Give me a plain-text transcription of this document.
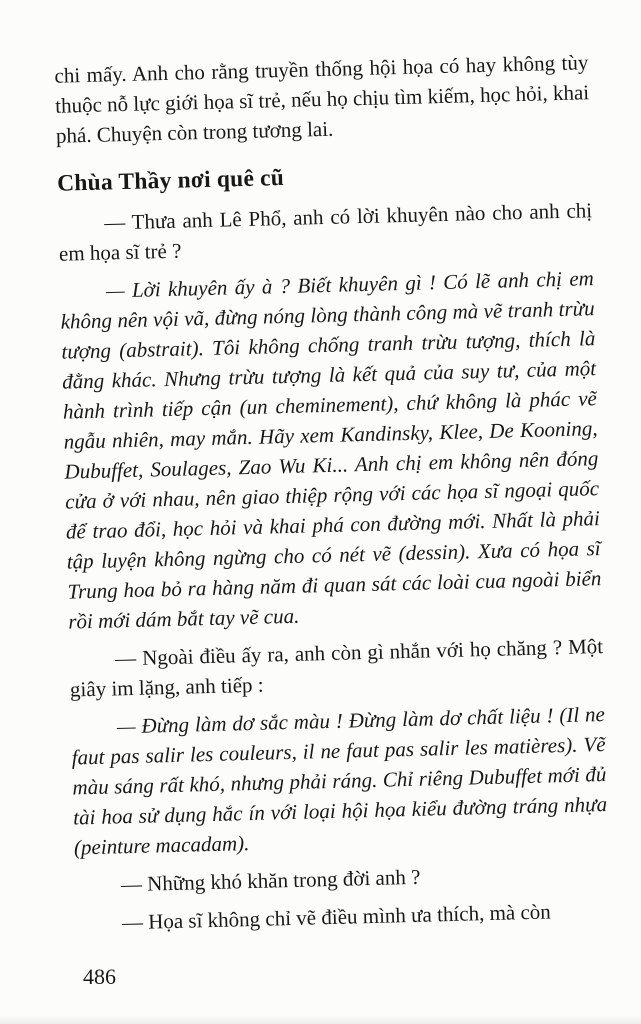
chi mấy. Anh cho rằng truyền thống hội họa có hay không tùy thuộc nỗ lực giới họa sĩ trẻ, nếu họ chịu tìm kiếm, học hỏi, khai phá. Chuyện còn trong tương lai.

Chùa Thầy nơi quê cũ

— Thưa anh Lê Phổ, anh có lời khuyên nào cho anh chị em họa sĩ trẻ ?

— Lời khuyên ấy à ? Biết khuyên gì ! Có lẽ anh chị em không nên vội vã, đừng nóng lòng thành công mà vẽ tranh trừu tượng (abstrait). Tôi không chống tranh trừu tượng, thích là đằng khác. Nhưng trừu tượng là kết quả của suy tư, của một hành trình tiếp cận (un cheminement), chứ không là phác vẽ ngẫu nhiên, may mắn. Hãy xem Kandinsky, Klee, De Kooning, Dubuffet, Soulages, Zao Wu Ki... Anh chị em không nên đóng cửa ở với nhau, nên giao thiệp rộng với các họa sĩ ngoại quốc để trao đổi, học hỏi và khai phá con đường mới. Nhất là phải tập luyện không ngừng cho có nét vẽ (dessin). Xưa có họa sĩ Trung hoa bỏ ra hàng năm đi quan sát các loài cua ngoài biển rồi mới dám bắt tay vẽ cua.

— Ngoài điều ấy ra, anh còn gì nhắn với họ chăng ? Một giây im lặng, anh tiếp :

— Đừng làm dơ sắc màu ! Đừng làm dơ chất liệu ! (Il ne faut pas salir les couleurs, il ne faut pas salir les matières). Vẽ màu sáng rất khó, nhưng phải ráng. Chỉ riêng Dubuffet mới đủ tài hoa sử dụng hắc ín với loại hội họa kiểu đường tráng nhựa (peinture macadam).

— Những khó khăn trong đời anh ?

— Họa sĩ không chỉ vẽ điều mình ưa thích, mà còn

486
